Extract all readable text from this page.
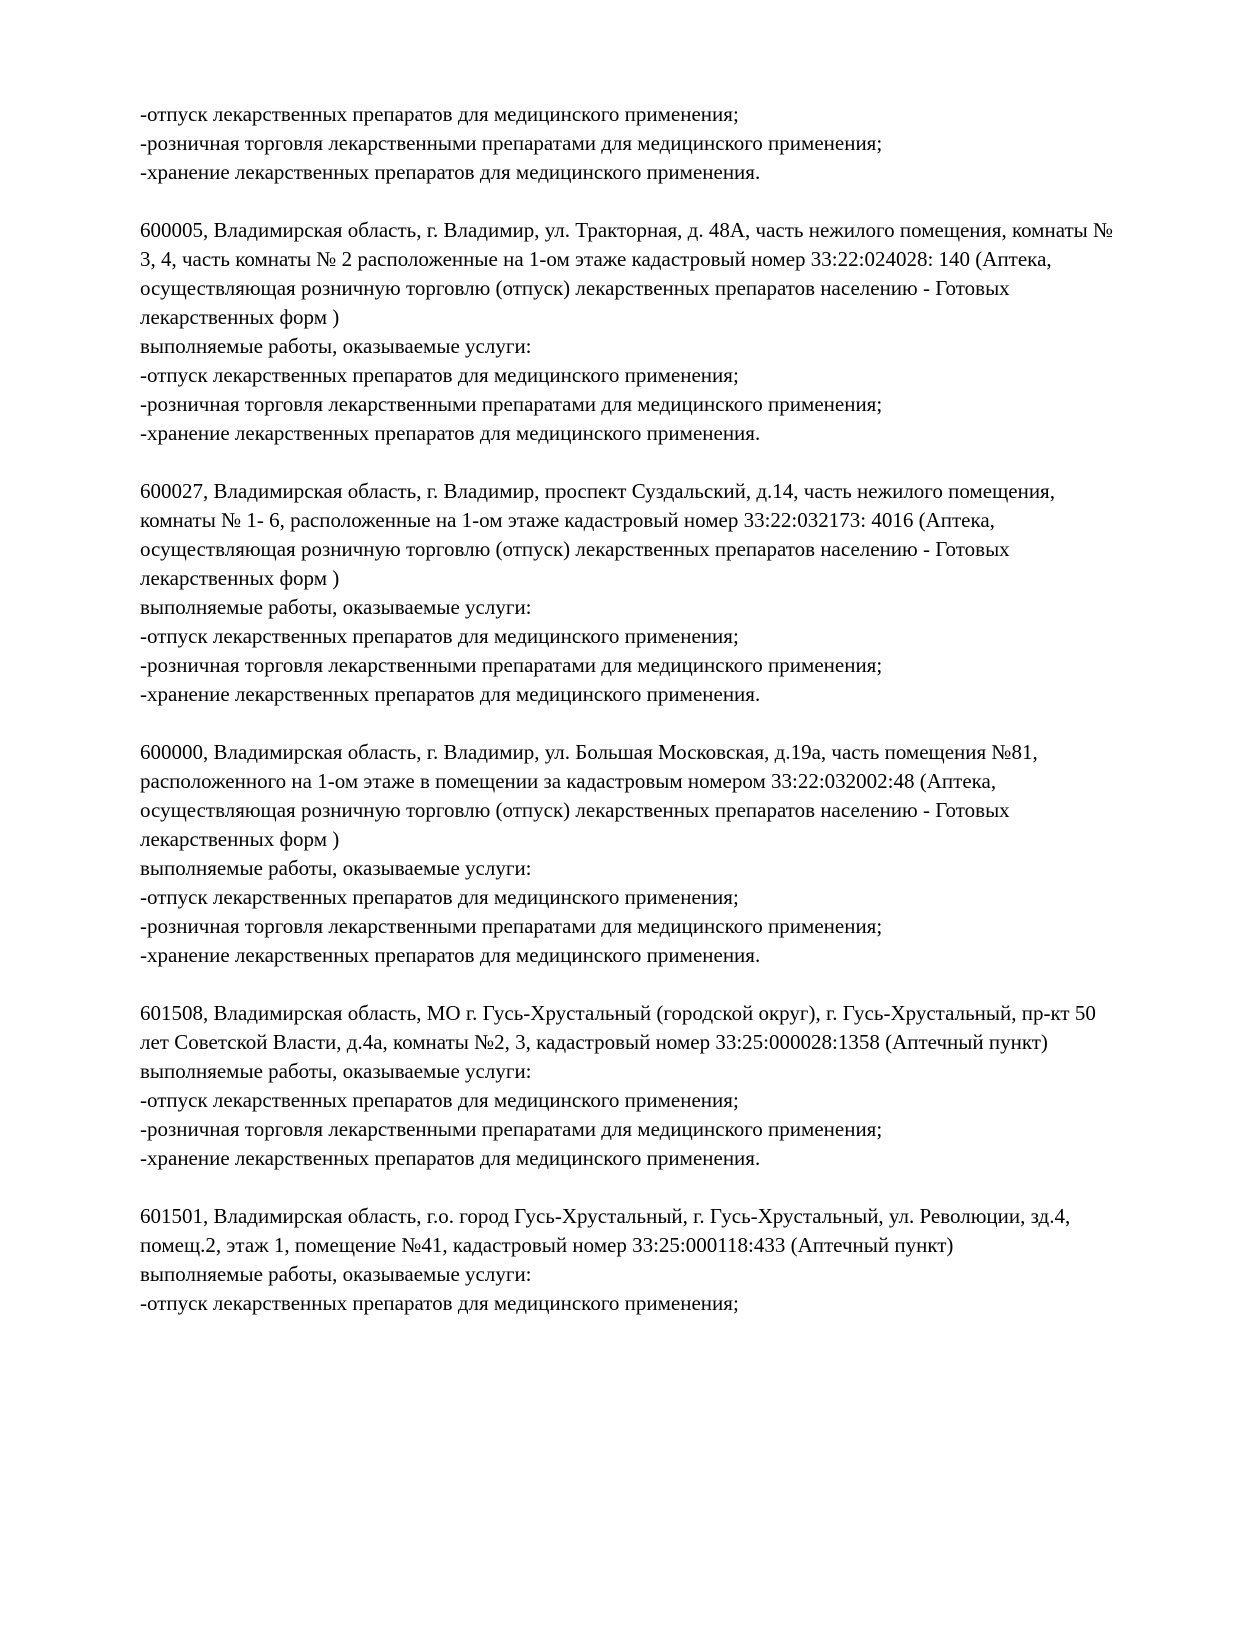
-отпуск лекарственных препаратов для медицинского применения;

-розничная торговля лекарственными препаратами для медицинского применения;

-хранение лекарственных препаратов для медицинского применения.

600005, Владимирская область, г. Владимир, ул. Тракторная, д. 48А, часть нежилого помещения, комнаты № 3, 4, часть комнаты № 2 расположенные на 1-ом этаже кадастровый номер 33:22:024028: 140 (Аптека, осуществляющая розничную торговлю (отпуск) лекарственных препаратов населению - Готовых лекарственных форм )

выполняемые работы, оказываемые услуги:

-отпуск лекарственных препаратов для медицинского применения;

-розничная торговля лекарственными препаратами для медицинского применения;

-хранение лекарственных препаратов для медицинского применения.

600027, Владимирская область, г. Владимир, проспект Суздальский, д.14, часть нежилого помещения, комнаты № 1- 6, расположенные на 1-ом этаже кадастровый номер 33:22:032173: 4016 (Аптека, осуществляющая розничную торговлю (отпуск) лекарственных препаратов населению - Готовых лекарственных форм )

выполняемые работы, оказываемые услуги:

-отпуск лекарственных препаратов для медицинского применения;

-розничная торговля лекарственными препаратами для медицинского применения;

-хранение лекарственных препаратов для медицинского применения.

600000, Владимирская область, г. Владимир, ул. Большая Московская, д.19а, часть помещения №81, расположенного на 1-ом этаже в помещении за кадастровым номером 33:22:032002:48 (Аптека, осуществляющая розничную торговлю (отпуск) лекарственных препаратов населению - Готовых лекарственных форм )

выполняемые работы, оказываемые услуги:

-отпуск лекарственных препаратов для медицинского применения;

-розничная торговля лекарственными препаратами для медицинского применения;

-хранение лекарственных препаратов для медицинского применения.

601508, Владимирская область, МО г. Гусь-Хрустальный (городской округ), г. Гусь-Хрустальный, пр-кт 50 лет Советской Власти, д.4а, комнаты №2, 3, кадастровый номер 33:25:000028:1358 (Аптечный пункт)

выполняемые работы, оказываемые услуги:

-отпуск лекарственных препаратов для медицинского применения;

-розничная торговля лекарственными препаратами для медицинского применения;

-хранение лекарственных препаратов для медицинского применения.

601501, Владимирская область, г.о. город Гусь-Хрустальный, г. Гусь-Хрустальный, ул. Революции, зд.4, помещ.2, этаж 1, помещение №41, кадастровый номер 33:25:000118:433 (Аптечный пункт)

выполняемые работы, оказываемые услуги:

-отпуск лекарственных препаратов для медицинского применения;
